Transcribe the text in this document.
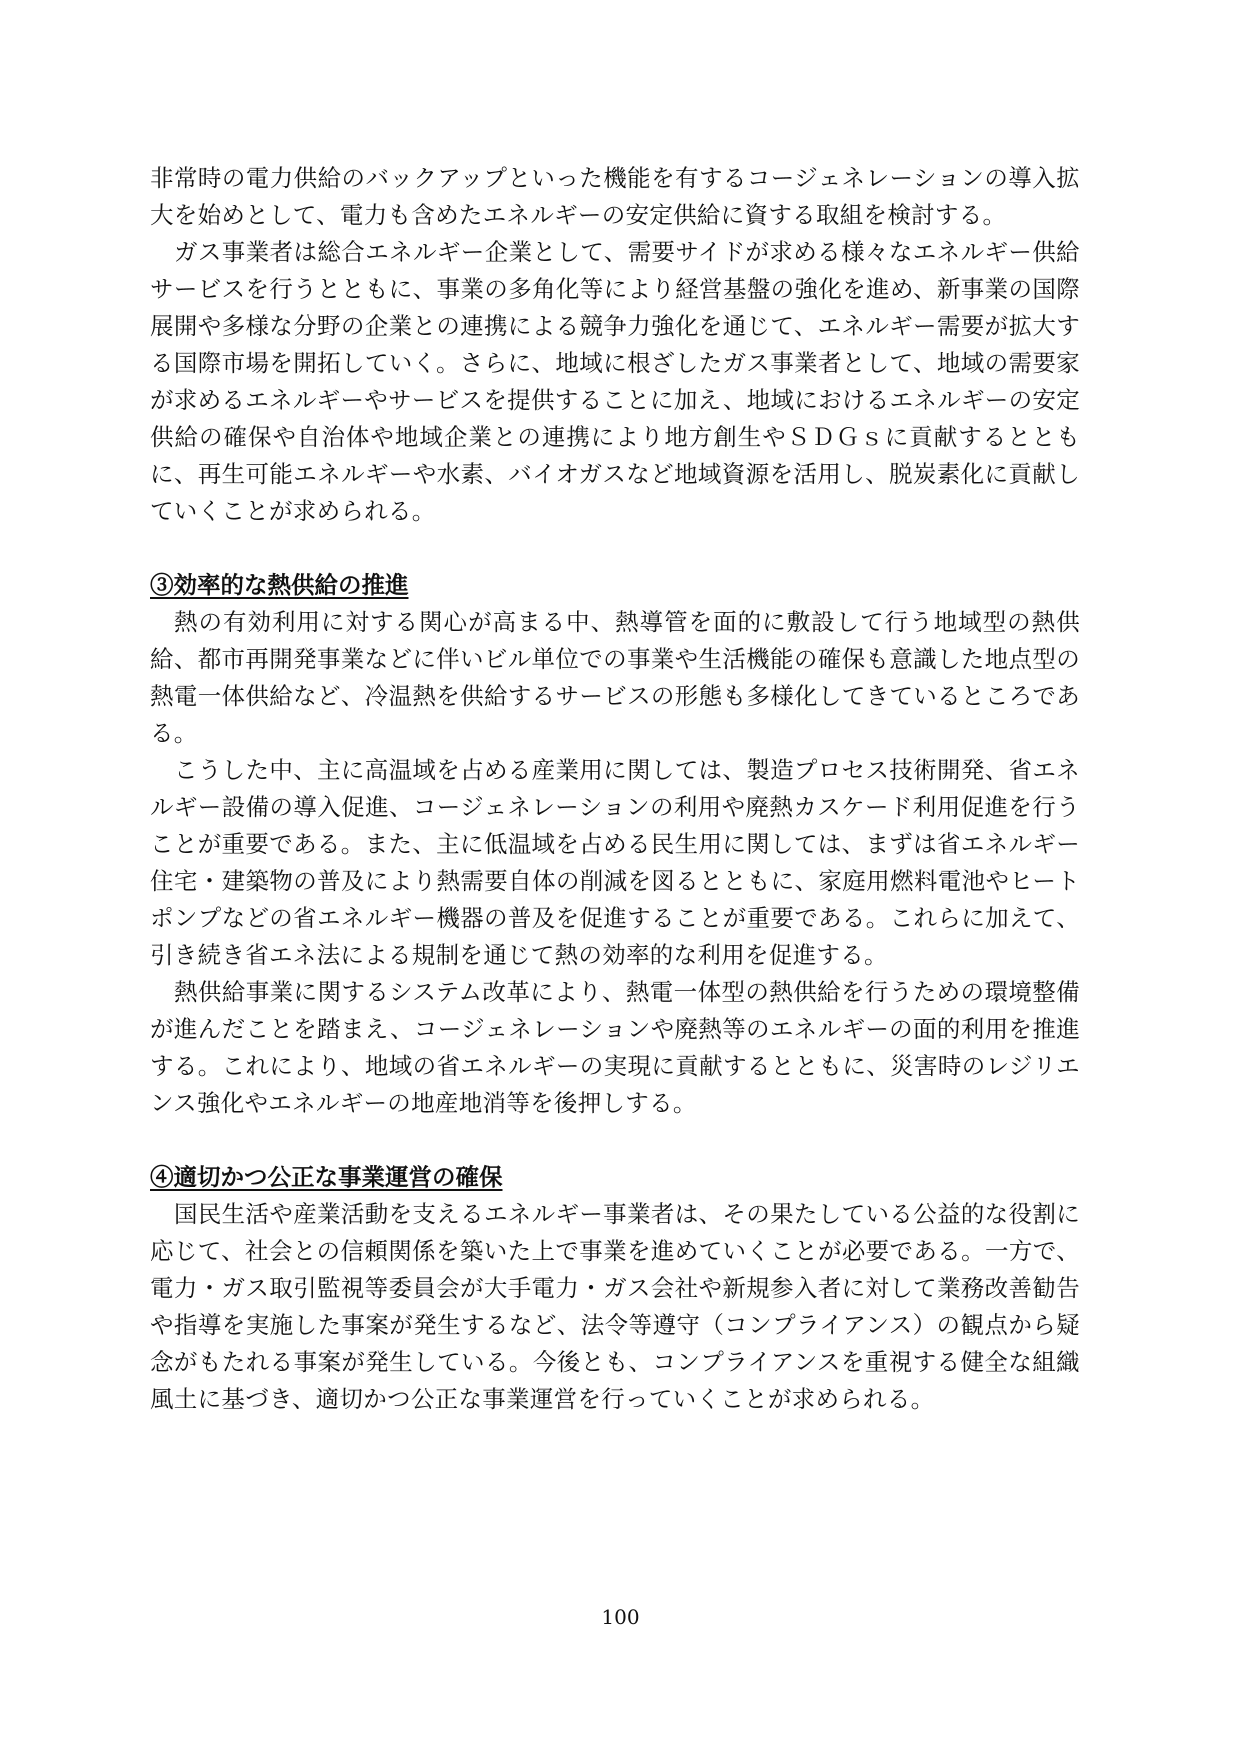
非常時の電力供給のバックアップといった機能を有するコージェネレーションの導入拡大を始めとして、電力も含めたエネルギーの安定供給に資する取組を検討する。

ガス事業者は総合エネルギー企業として、需要サイドが求める様々なエネルギー供給サービスを行うとともに、事業の多角化等により経営基盤の強化を進め、新事業の国際展開や多様な分野の企業との連携による競争力強化を通じて、エネルギー需要が拡大する国際市場を開拓していく。さらに、地域に根ざしたガス事業者として、地域の需要家が求めるエネルギーやサービスを提供することに加え、地域におけるエネルギーの安定供給の確保や自治体や地域企業との連携により地方創生やＳＤＧｓに貢献するとともに、再生可能エネルギーや水素、バイオガスなど地域資源を活用し、脱炭素化に貢献していくことが求められる。

③効率的な熱供給の推進

熱の有効利用に対する関心が高まる中、熱導管を面的に敷設して行う地域型の熱供給、都市再開発事業などに伴いビル単位での事業や生活機能の確保も意識した地点型の熱電一体供給など、冷温熱を供給するサービスの形態も多様化してきているところである。

こうした中、主に高温域を占める産業用に関しては、製造プロセス技術開発、省エネルギー設備の導入促進、コージェネレーションの利用や廃熱カスケード利用促進を行うことが重要である。また、主に低温域を占める民生用に関しては、まずは省エネルギー住宅・建築物の普及により熱需要自体の削減を図るとともに、家庭用燃料電池やヒートポンプなどの省エネルギー機器の普及を促進することが重要である。これらに加えて、引き続き省エネ法による規制を通じて熱の効率的な利用を促進する。

熱供給事業に関するシステム改革により、熱電一体型の熱供給を行うための環境整備が進んだことを踏まえ、コージェネレーションや廃熱等のエネルギーの面的利用を推進する。これにより、地域の省エネルギーの実現に貢献するとともに、災害時のレジリエンス強化やエネルギーの地産地消等を後押しする。

④適切かつ公正な事業運営の確保

国民生活や産業活動を支えるエネルギー事業者は、その果たしている公益的な役割に応じて、社会との信頼関係を築いた上で事業を進めていくことが必要である。一方で、電力・ガス取引監視等委員会が大手電力・ガス会社や新規参入者に対して業務改善勧告や指導を実施した事案が発生するなど、法令等遵守（コンプライアンス）の観点から疑念がもたれる事案が発生している。今後とも、コンプライアンスを重視する健全な組織風土に基づき、適切かつ公正な事業運営を行っていくことが求められる。

100
